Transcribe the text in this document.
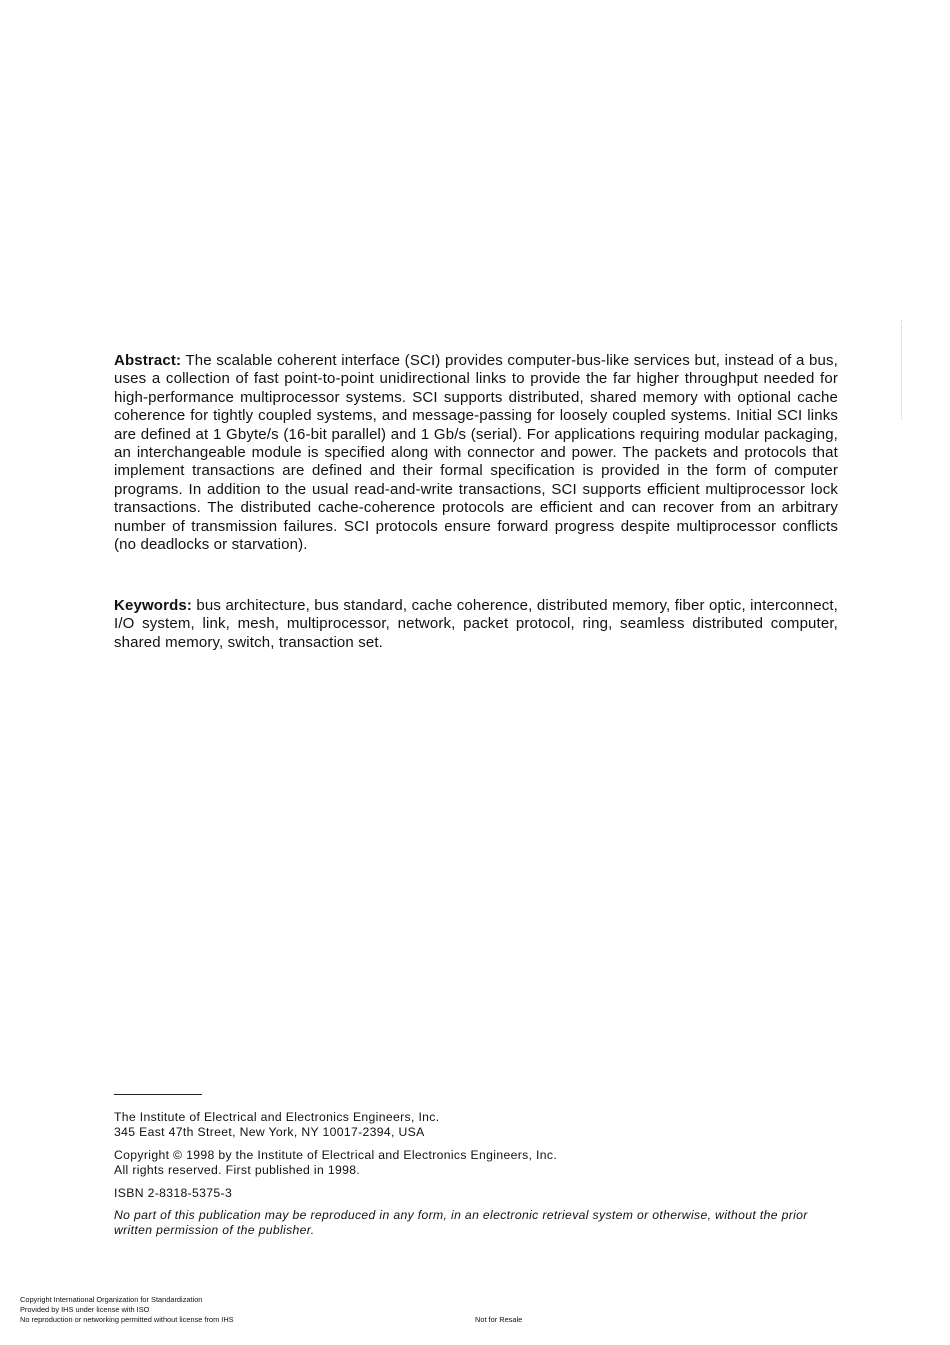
Abstract: The scalable coherent interface (SCI) provides computer-bus-like services but, instead of a bus, uses a collection of fast point-to-point unidirectional links to provide the far higher throughput needed for high-performance multiprocessor systems. SCI supports distributed, shared memory with optional cache coherence for tightly coupled systems, and message-passing for loosely coupled systems. Initial SCI links are defined at 1 Gbyte/s (16-bit parallel) and 1 Gb/s (serial). For applications requiring modular packaging, an interchangeable module is specified along with connector and power. The packets and protocols that implement transactions are defined and their formal specification is provided in the form of computer programs. In addition to the usual read-and-write transactions, SCI supports efficient multiprocessor lock transactions. The distributed cache-coherence protocols are efficient and can recover from an arbitrary number of transmission failures. SCI protocols ensure forward progress despite multiprocessor conflicts (no deadlocks or starvation).

Keywords: bus architecture, bus standard, cache coherence, distributed memory, fiber optic, interconnect, I/O system, link, mesh, multiprocessor, network, packet protocol, ring, seamless distributed computer, shared memory, switch, transaction set.

The Institute of Electrical and Electronics Engineers, Inc.
345 East 47th Street, New York, NY 10017-2394, USA

Copyright © 1998 by the Institute of Electrical and Electronics Engineers, Inc.
All rights reserved. First published in 1998.

ISBN 2-8318-5375-3

No part of this publication may be reproduced in any form, in an electronic retrieval system or otherwise, without the prior written permission of the publisher.

Copyright International Organization for Standardization
Provided by IHS under license with ISO
No reproduction or networking permitted without license from IHS	Not for Resale
